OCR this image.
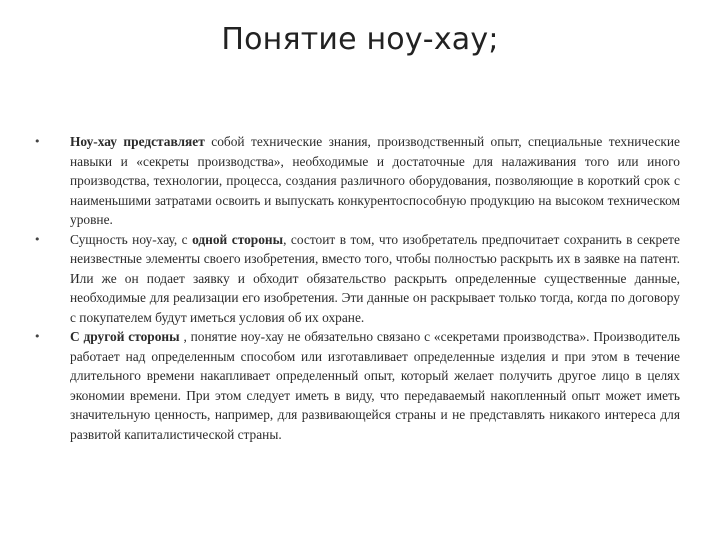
Понятие ноу-хау;
• Ноу-хау представляет собой технические знания, производственный опыт, специальные технические навыки и «секреты производства», необходимые и достаточные для налаживания того или иного производства, технологии, процесса, создания различного оборудования, позволяющие в короткий срок с наименьшими затратами освоить и выпускать конкурентоспособную продукцию на высоком техническом уровне.
• Сущность ноу-хау, с одной стороны, состоит в том, что изобретатель предпочитает сохранить в секрете неизвестные элементы своего изобретения, вместо того, чтобы полностью раскрыть их в заявке на патент. Или же он подает заявку и обходит обязательство раскрыть определенные существенные данные, необходимые для реализации его изобретения. Эти данные он раскрывает только тогда, когда по договору с покупателем будут иметься условия об их охране.
• С другой стороны , понятие ноу-хау не обязательно связано с «секретами производства». Производитель работает над определенным способом или изготавливает определенные изделия и при этом в течение длительного времени накапливает определенный опыт, который желает получить другое лицо в целях экономии времени. При этом следует иметь в виду, что передаваемый накопленный опыт может иметь значительную ценность, например, для развивающейся страны и не представлять никакого интереса для развитой капиталистической страны.
